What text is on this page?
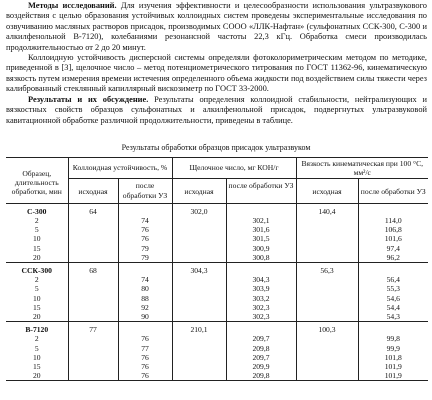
Методы исследований. Для изучения эффективности и целесообразности использования ультразвукового воздействия с целью образования устойчивых коллоидных систем проведены экспериментальные исследования по озвучиванию масляных растворов присадок, производимых СООО «ЛЛК-Нафтан» (сульфонатных ССК-300, С-300 и алкилфенольной В-7120), колебаниями резонансной частоты 22,3 кГц. Обработка смеси производилась продолжительностью от 2 до 20 минут.
Коллоидную устойчивость дисперсной системы определяли фотоколориметрическим методом по методике, приведенной в [3], щелочное число – метод потенциометрического титрования по ГОСТ 11362-96, кинематическую вязкость путем измерения времени истечения определенного объема жидкости под воздействием силы тяжести через калиброванный стеклянный капиллярный вискозиметр по ГОСТ 33-2000.
Результаты и их обсуждение. Результаты определения коллоидной стабильности, нейтрализующих и вязкостных свойств образцов сульфонатных и алкилфенольной присадок, подвергнутых ультразвуковой кавитационной обработке различной продолжительности, приведены в таблице.
Результаты обработки образцов присадок ультразвуком
Образец, длительность обработки, мин	Коллоидная устойчивость, %		Щелочное число, мг КОН/г		Вязкость кинематическая при 100 °С, мм²/с	
	исходная	после обработки УЗ	исходная	после обработки УЗ	исходная	после обработки УЗ
С-300	64		302,0		140,4	
2		74		302,1		114,0
5		76		301,6		106,8
10		76		301,5		101,6
15		79		300,9		97,4
20		79		300,8		96,2
ССК-300	68		304,3		56,3	
2		74		304,3		56,4
5		80		303,9		55,3
10		88		303,2		54,6
15		92		302,3		54,4
20		90		302,3		54,3
В-7120	77		210,1		100,3	
2		76		209,7		99,8
5		77		209,8		99,9
10		76		209,7		101,8
15		76		209,9		101,9
20		76		209,8		101,9
